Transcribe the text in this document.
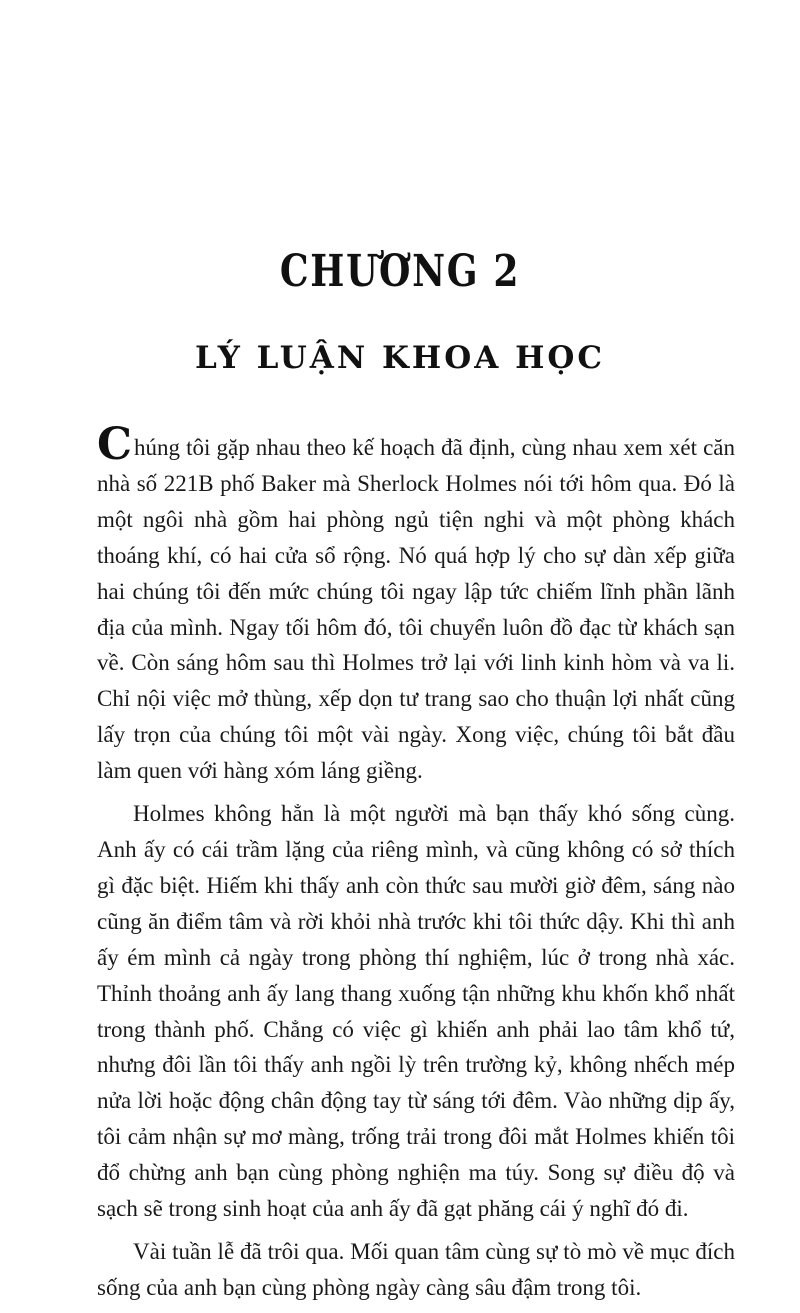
CHƯƠNG 2
LÝ LUẬN KHOA HỌC

Chúng tôi gặp nhau theo kế hoạch đã định, cùng nhau xem xét căn nhà số 221B phố Baker mà Sherlock Holmes nói tới hôm qua. Đó là một ngôi nhà gồm hai phòng ngủ tiện nghi và một phòng khách thoáng khí, có hai cửa sổ rộng. Nó quá hợp lý cho sự dàn xếp giữa hai chúng tôi đến mức chúng tôi ngay lập tức chiếm lĩnh phần lãnh địa của mình. Ngay tối hôm đó, tôi chuyển luôn đồ đạc từ khách sạn về. Còn sáng hôm sau thì Holmes trở lại với linh kinh hòm và va li. Chỉ nội việc mở thùng, xếp dọn tư trang sao cho thuận lợi nhất cũng lấy trọn của chúng tôi một vài ngày. Xong việc, chúng tôi bắt đầu làm quen với hàng xóm láng giềng.

Holmes không hẳn là một người mà bạn thấy khó sống cùng. Anh ấy có cái trầm lặng của riêng mình, và cũng không có sở thích gì đặc biệt. Hiếm khi thấy anh còn thức sau mười giờ đêm, sáng nào cũng ăn điểm tâm và rời khỏi nhà trước khi tôi thức dậy. Khi thì anh ấy ém mình cả ngày trong phòng thí nghiệm, lúc ở trong nhà xác. Thỉnh thoảng anh ấy lang thang xuống tận những khu khốn khổ nhất trong thành phố. Chẳng có việc gì khiến anh phải lao tâm khổ tứ, nhưng đôi lần tôi thấy anh ngồi lỳ trên trường kỷ, không nhếch mép nửa lời hoặc động chân động tay từ sáng tới đêm. Vào những dịp ấy, tôi cảm nhận sự mơ màng, trống trải trong đôi mắt Holmes khiến tôi đổ chừng anh bạn cùng phòng nghiện ma túy. Song sự điều độ và sạch sẽ trong sinh hoạt của anh ấy đã gạt phăng cái ý nghĩ đó đi.

Vài tuần lễ đã trôi qua. Mối quan tâm cùng sự tò mò về mục đích sống của anh bạn cùng phòng ngày càng sâu đậm trong tôi.
